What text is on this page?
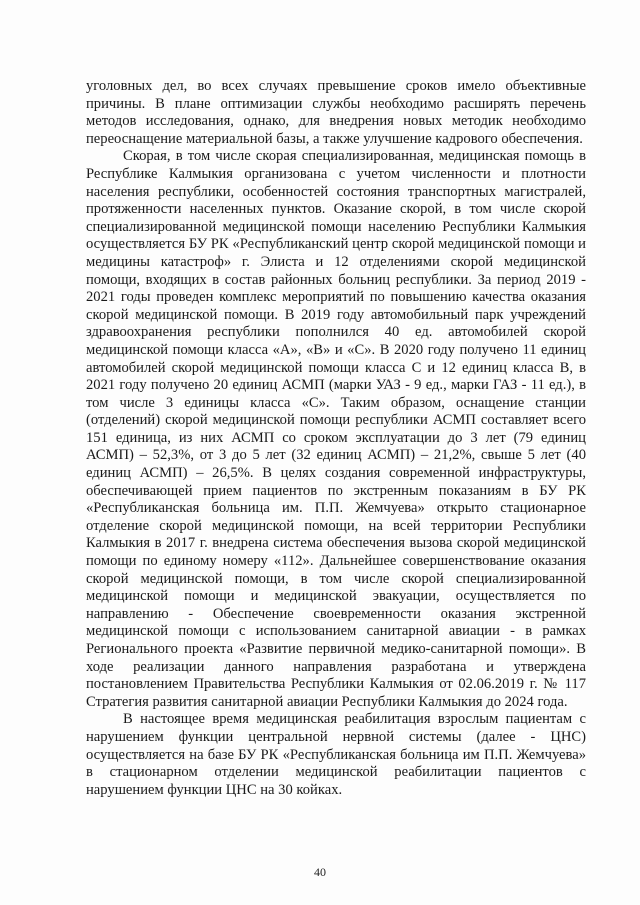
уголовных дел, во всех случаях превышение сроков имело объективные причины. В плане оптимизации службы необходимо расширять перечень методов исследования, однако, для внедрения новых методик необходимо переоснащение материальной базы, а также улучшение кадрового обеспечения.

Скорая, в том числе скорая специализированная, медицинская помощь в Республике Калмыкия организована с учетом численности и плотности населения республики, особенностей состояния транспортных магистралей, протяженности населенных пунктов. Оказание скорой, в том числе скорой специализированной медицинской помощи населению Республики Калмыкия осуществляется БУ РК «Республиканский центр скорой медицинской помощи и медицины катастроф» г. Элиста и 12 отделениями скорой медицинской помощи, входящих в состав районных больниц республики. За период 2019 - 2021 годы проведен комплекс мероприятий по повышению качества оказания скорой медицинской помощи. В 2019 году автомобильный парк учреждений здравоохранения республики пополнился 40 ед. автомобилей скорой медицинской помощи класса «А», «В» и «С». В 2020 году получено 11 единиц автомобилей скорой медицинской помощи класса С и 12 единиц класса В, в 2021 году получено 20 единиц АСМП (марки УАЗ - 9 ед., марки ГАЗ - 11 ед.), в том числе 3 единицы класса «С». Таким образом, оснащение станции (отделений) скорой медицинской помощи республики АСМП составляет всего 151 единица, из них АСМП со сроком эксплуатации до 3 лет (79 единиц АСМП) – 52,3%, от 3 до 5 лет (32 единиц АСМП) – 21,2%, свыше 5 лет (40 единиц АСМП) – 26,5%. В целях создания современной инфраструктуры, обеспечивающей прием пациентов по экстренным показаниям в БУ РК «Республиканская больница им. П.П. Жемчуева» открыто стационарное отделение скорой медицинской помощи, на всей территории Республики Калмыкия в 2017 г. внедрена система обеспечения вызова скорой медицинской помощи по единому номеру «112». Дальнейшее совершенствование оказания скорой медицинской помощи, в том числе скорой специализированной медицинской помощи и медицинской эвакуации, осуществляется по направлению - Обеспечение своевременности оказания экстренной медицинской помощи с использованием санитарной авиации - в рамках Регионального проекта «Развитие первичной медико-санитарной помощи». В ходе реализации данного направления разработана и утверждена постановлением Правительства Республики Калмыкия от 02.06.2019 г. № 117 Стратегия развития санитарной авиации Республики Калмыкия до 2024 года.

В настоящее время медицинская реабилитация взрослым пациентам с нарушением функции центральной нервной системы (далее - ЦНС) осуществляется на базе БУ РК «Республиканская больница им П.П. Жемчуева» в стационарном отделении медицинской реабилитации пациентов с нарушением функции ЦНС на 30 койках.

40
